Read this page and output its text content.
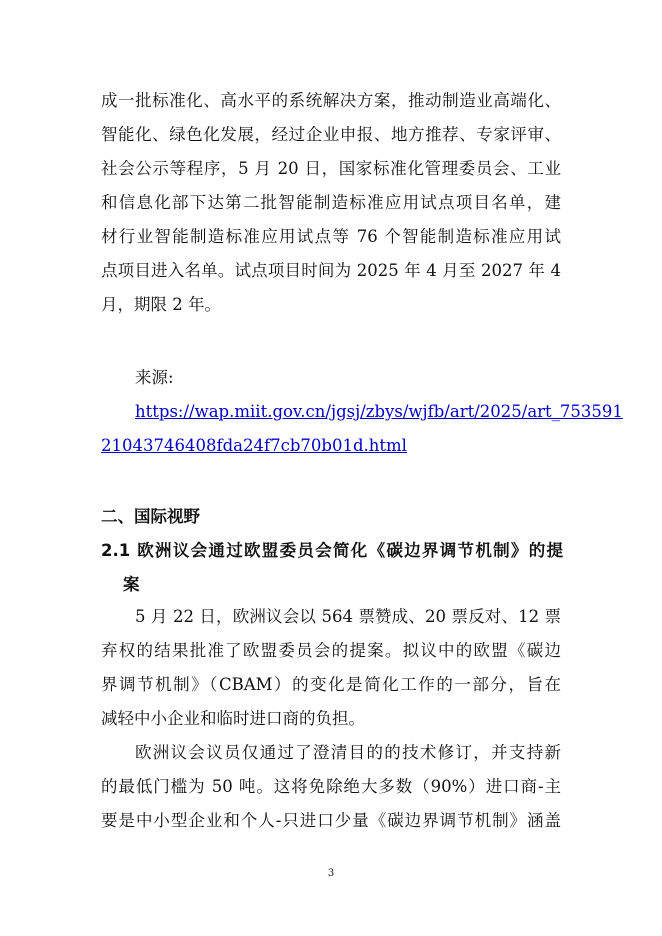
成一批标准化、高水平的系统解决方案，推动制造业高端化、
智能化、绿色化发展，经过企业申报、地方推荐、专家评审、
社会公示等程序，5 月 20 日，国家标准化管理委员会、工业
和信息化部下达第二批智能制造标准应用试点项目名单，建
材行业智能制造标准应用试点等 76 个智能制造标准应用试
点项目进入名单。试点项目时间为 2025 年 4 月至 2027 年 4
月，期限 2 年。
来源:
https://wap.miit.gov.cn/jgsj/zbys/wjfb/art/2025/art_753591
21043746408fda24f7cb70b01d.html
二、国际视野
2.1 欧洲议会通过欧盟委员会简化《碳边界调节机制》的提
案
5 月 22 日，欧洲议会以 564 票赞成、20 票反对、12 票
弃权的结果批准了欧盟委员会的提案。拟议中的欧盟《碳边
界调节机制》（CBAM）的变化是简化工作的一部分，旨在
减轻中小企业和临时进口商的负担。
欧洲议会议员仅通过了澄清目的的技术修订，并支持新
的最低门槛为 50 吨。这将免除绝大多数（90%）进口商-主
要是中小型企业和个人-只进口少量《碳边界调节机制》涵盖
3
